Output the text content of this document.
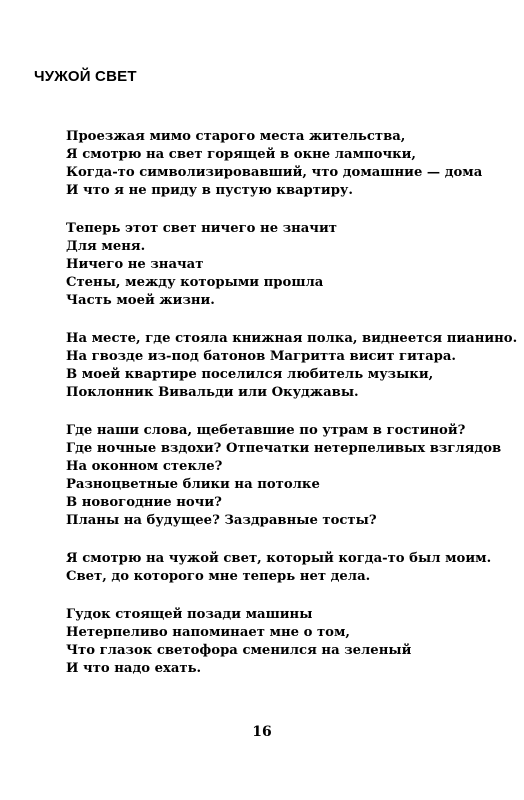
ЧУЖОЙ СВЕТ
Проезжая мимо старого места жительства,
Я смотрю на свет горящей в окне лампочки,
Когда-то символизировавший, что домашние — дома
И что я не приду в пустую квартиру.
Теперь этот свет ничего не значит
Для меня.
Ничего не значат
Стены, между которыми прошла
Часть моей жизни.
На месте, где стояла книжная полка, виднеется пианино.
На гвозде из-под батонов Магритта висит гитара.
В моей квартире поселился любитель музыки,
Поклонник Вивальди или Окуджавы.
Где наши слова, щебетавшие по утрам в гостиной?
Где ночные вздохи? Отпечатки нетерпеливых взглядов
На оконном стекле?
Разноцветные блики на потолке
В новогодние ночи?
Планы на будущее? Заздравные тосты?
Я смотрю на чужой свет, который когда-то был моим.
Свет, до которого мне теперь нет дела.
Гудок стоящей позади машины
Нетерпеливо напоминает мне о том,
Что глазок светофора сменился на зеленый
И что надо ехать.
16
